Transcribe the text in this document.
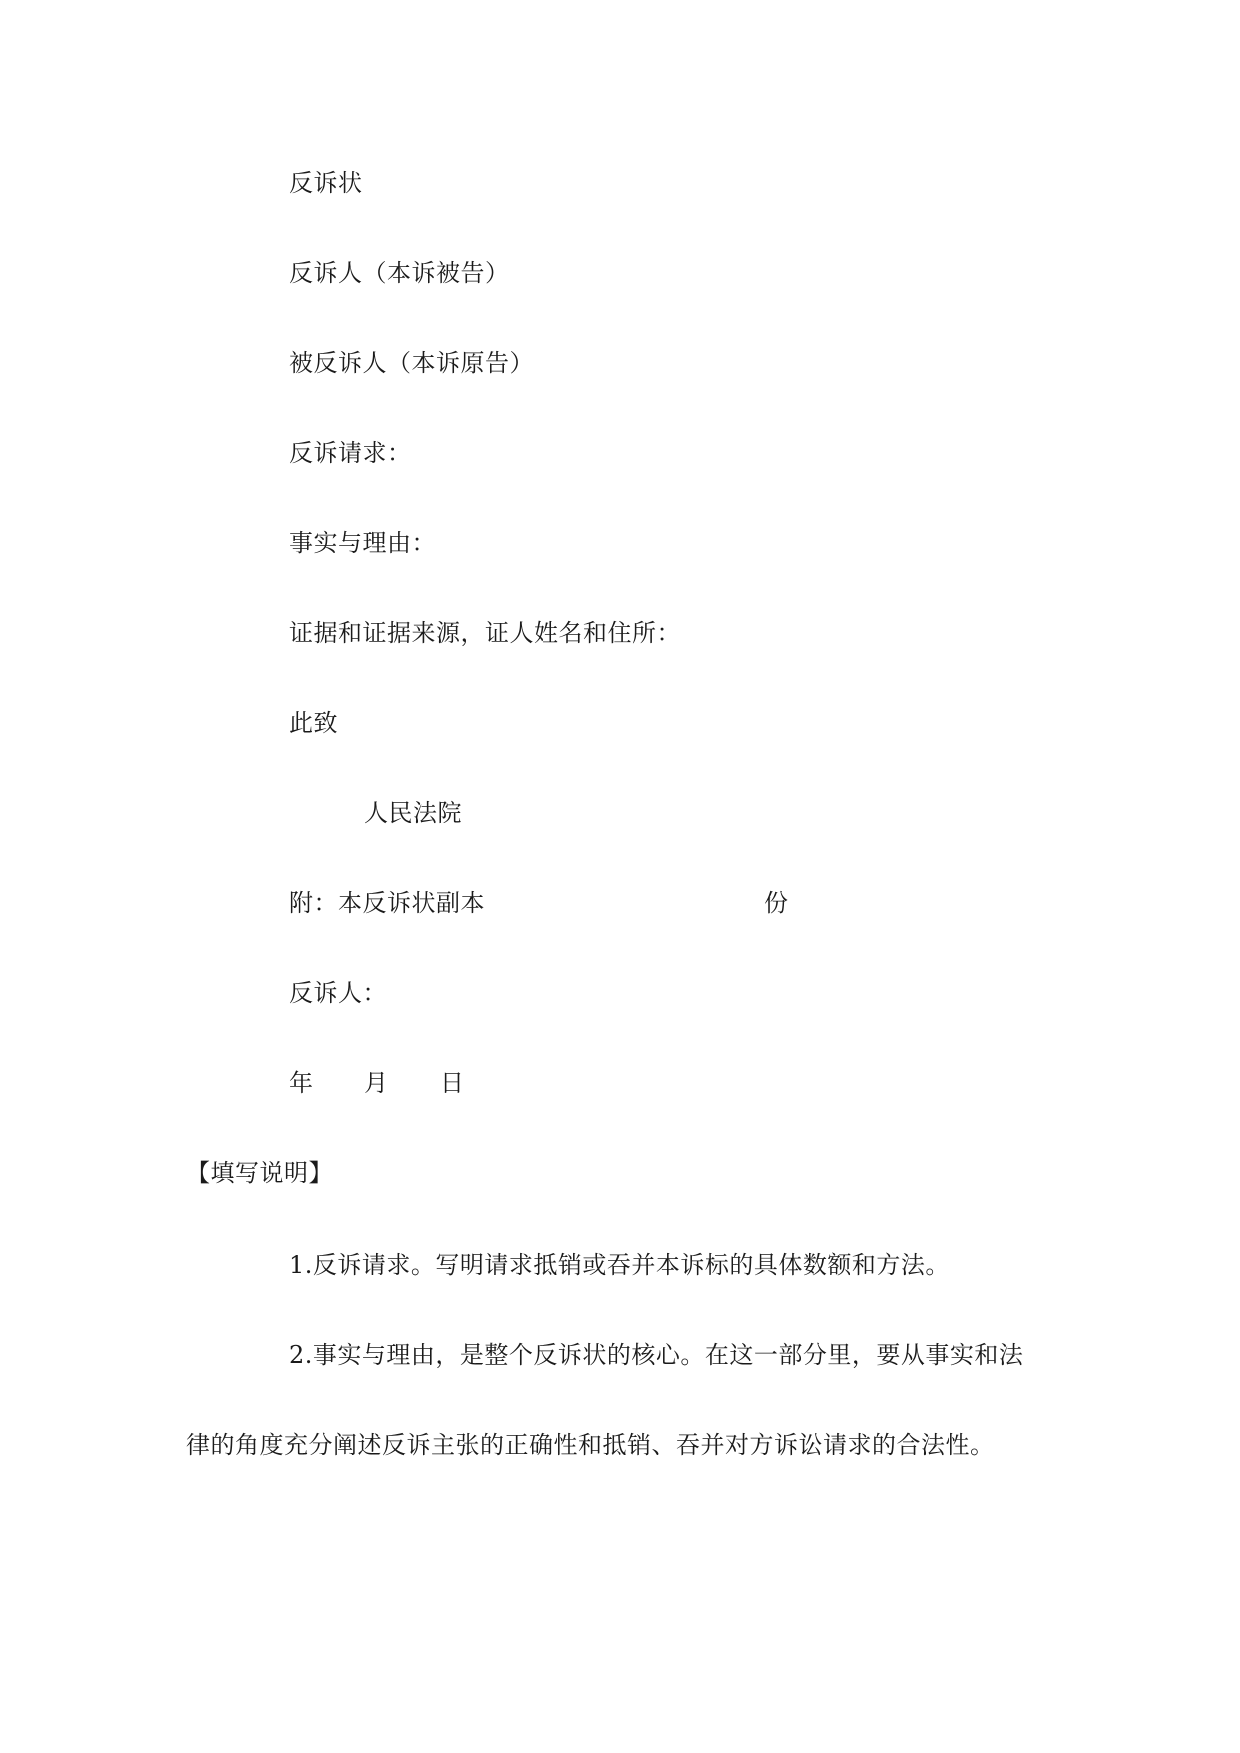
反诉状
反诉人（本诉被告）
被反诉人（本诉原告）
反诉请求：
事实与理由：
证据和证据来源，证人姓名和住所：
此致
人民法院
附：本反诉状副本	份
反诉人：
年 月 日
【填写说明】
1.反诉请求。写明请求抵销或吞并本诉标的具体数额和方法。
2.事实与理由，是整个反诉状的核心。在这一部分里，要从事实和法
律的角度充分阐述反诉主张的正确性和抵销、吞并对方诉讼请求的合法性。
